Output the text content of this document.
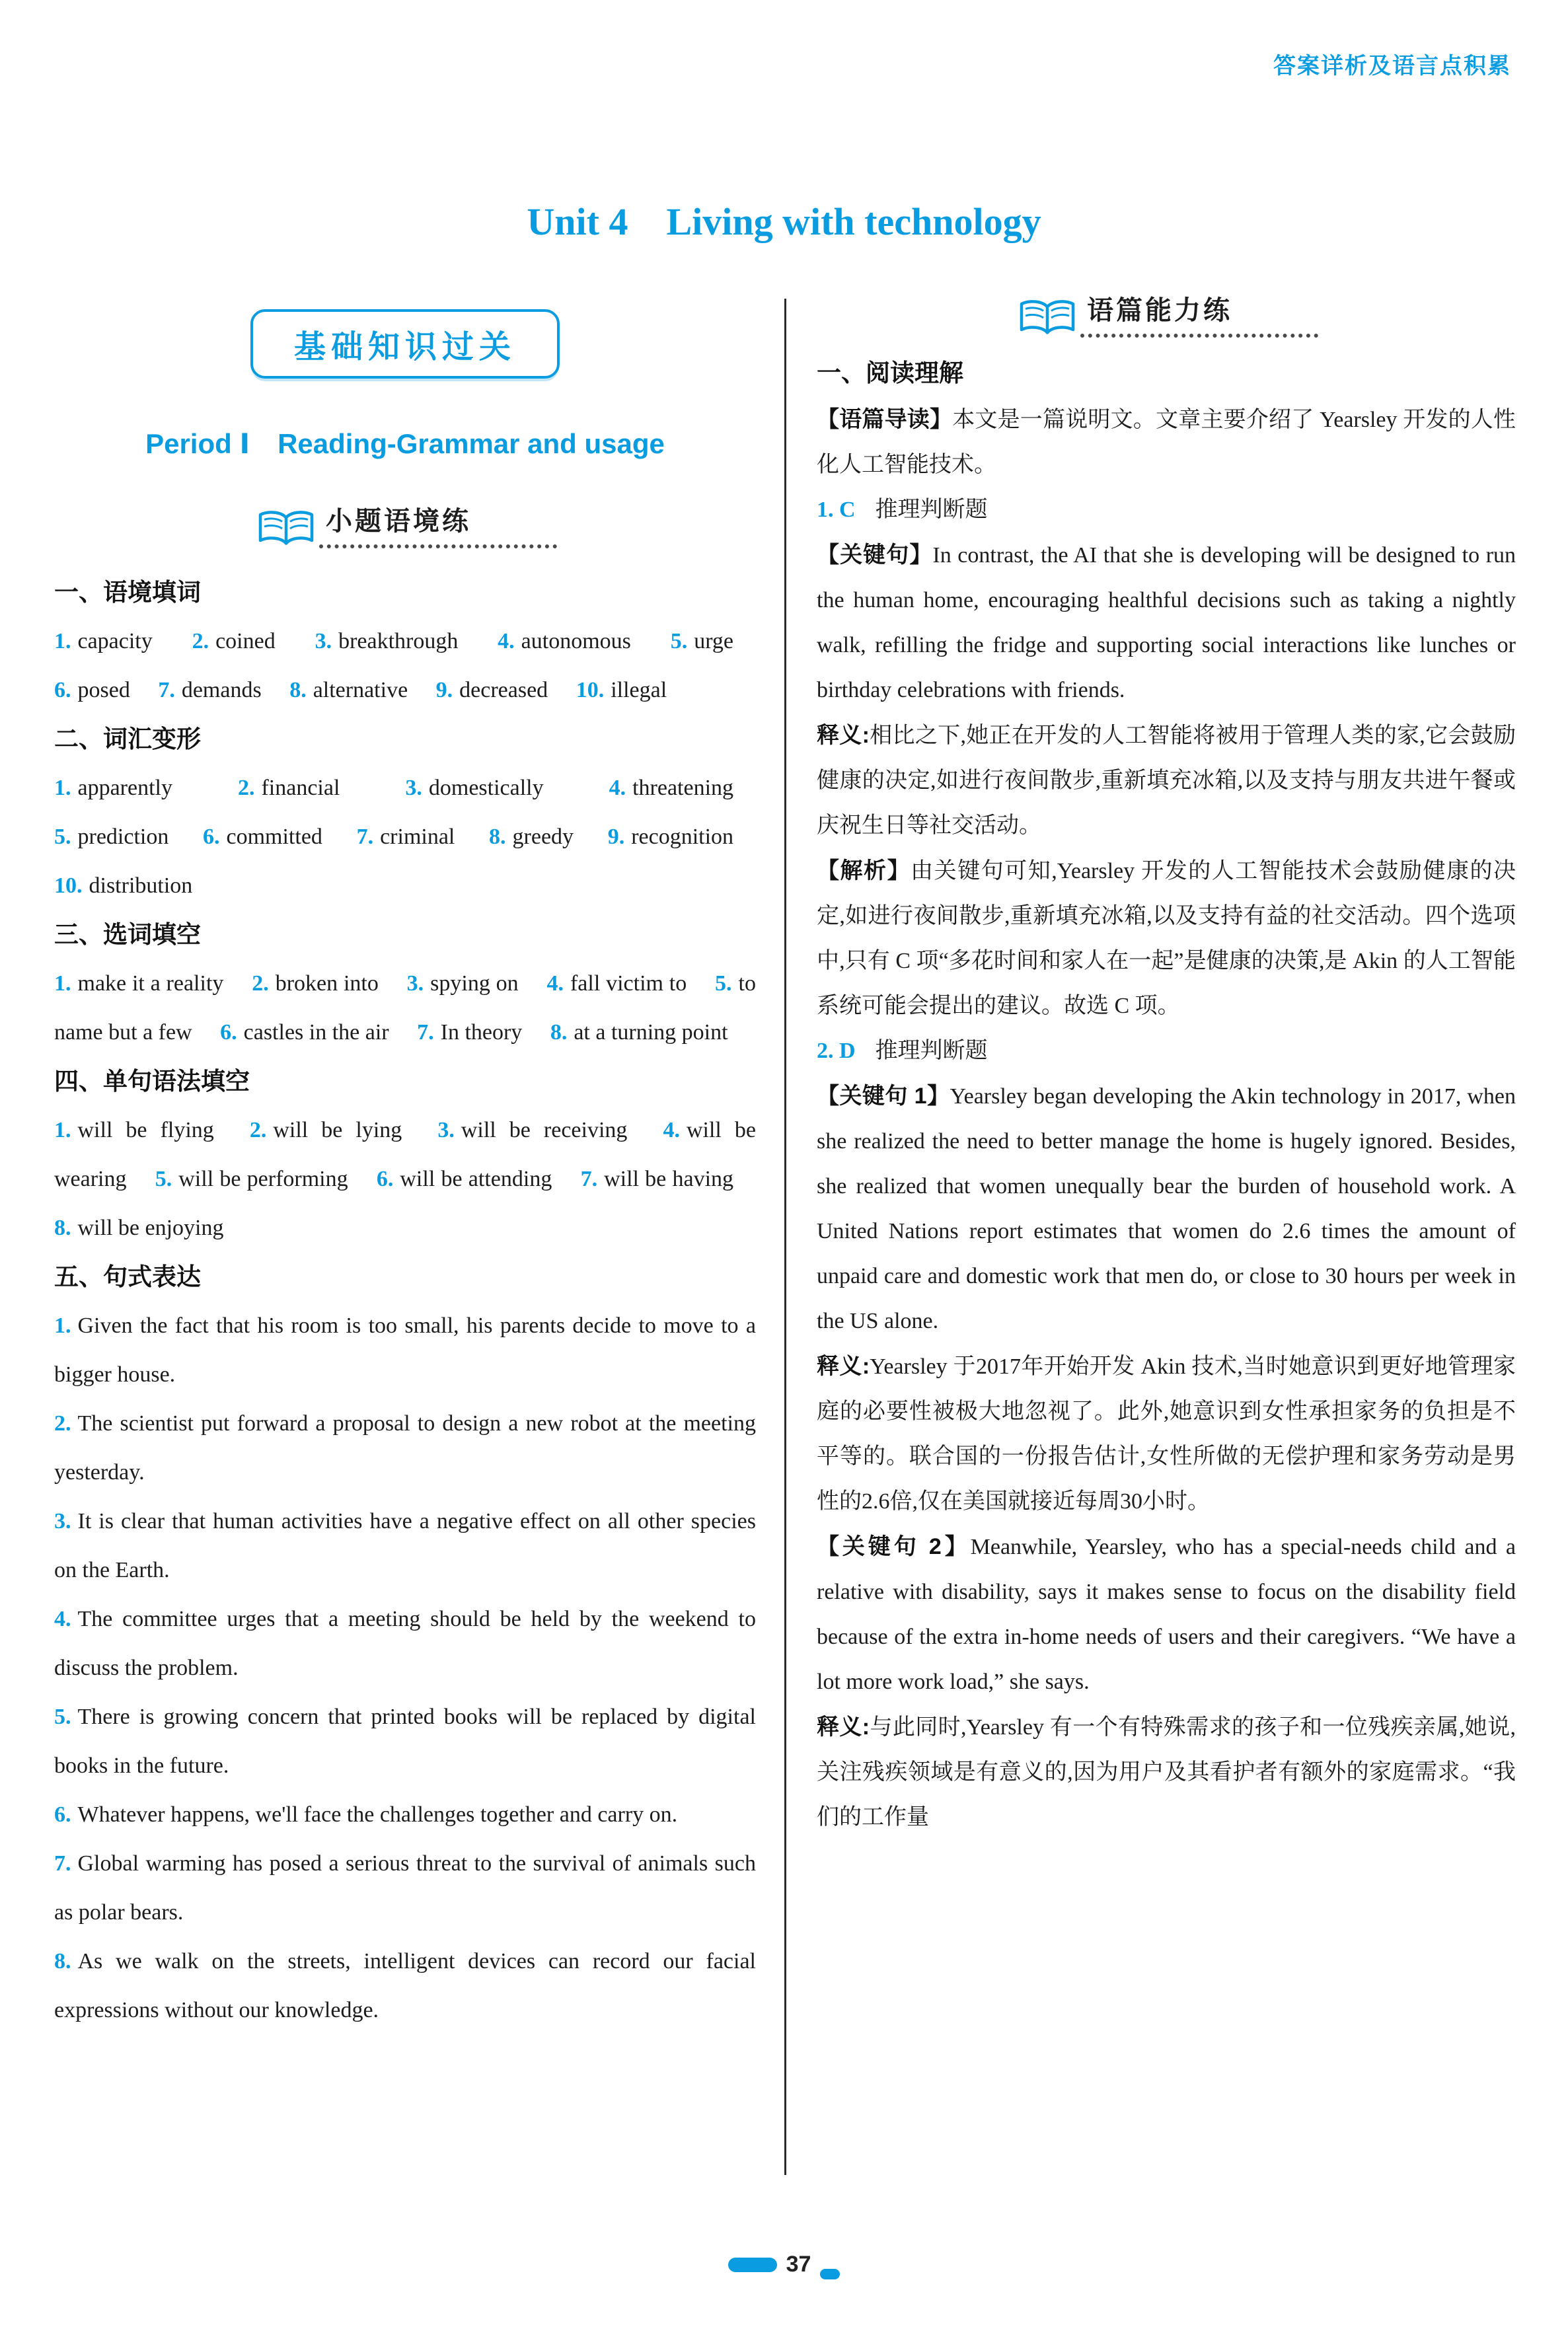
答案详析及语言点积累
Unit 4　Living with technology
基础知识过关
Period Ⅰ　Reading-Grammar and usage
小题语境练
一、语境填词
1. capacity 2. coined 3. breakthrough 4. autonomous 5. urge 6. posed 7. demands 8. alternative 9. decreased 10. illegal
二、词汇变形
1. apparently	2. financial	3. domestically	4. threatening 5. prediction 6. committed 7. criminal 8. greedy 9. recognition 10. distribution
三、选词填空
1. make it a reality 2. broken into 3. spying on 4. fall victim to 5. to name but a few 6. castles in the air 7. In theory 8. at a turning point
四、单句语法填空
1. will be flying 2. will be lying 3. will be receiving 4. will be wearing 5. will be performing 6. will be attending 7. will be having 8. will be enjoying
五、句式表达

1. Given the fact that his room is too small, his parents decide to move to a bigger house.

2. The scientist put forward a proposal to design a new robot at the meeting yesterday.

3. It is clear that human activities have a negative effect on all other species on the Earth.

4. The committee urges that a meeting should be held by the weekend to discuss the problem.

5. There is growing concern that printed books will be replaced by digital books in the future.

6. Whatever happens, we'll face the challenges together and carry on.

7. Global warming has posed a serious threat to the survival of animals such as polar bears.

8. As we walk on the streets, intelligent devices can record our facial expressions without our knowledge.

语篇能力练
一、阅读理解

【语篇导读】本文是一篇说明文。文章主要介绍了 Yearsley 开发的人性化人工智能技术。

1. C 推理判断题

【关键句】In contrast, the AI that she is developing will be designed to run the human home, encouraging healthful decisions such as taking a nightly walk, refilling the fridge and supporting social interactions like lunches or birthday celebrations with friends.

释义:相比之下,她正在开发的人工智能将被用于管理人类的家,它会鼓励健康的决定,如进行夜间散步,重新填充冰箱,以及支持与朋友共进午餐或庆祝生日等社交活动。

【解析】由关键句可知,Yearsley 开发的人工智能技术会鼓励健康的决定,如进行夜间散步,重新填充冰箱,以及支持有益的社交活动。四个选项中,只有 C 项“多花时间和家人在一起”是健康的决策,是 Akin 的人工智能系统可能会提出的建议。故选 C 项。

2. D 推理判断题

【关键句 1】Yearsley began developing the Akin technology in 2017, when she realized the need to better manage the home is hugely ignored. Besides, she realized that women unequally bear the burden of household work. A United Nations report estimates that women do 2.6 times the amount of unpaid care and domestic work that men do, or close to 30 hours per week in the US alone.

释义:Yearsley 于2017年开始开发 Akin 技术,当时她意识到更好地管理家庭的必要性被极大地忽视了。此外,她意识到女性承担家务的负担是不平等的。联合国的一份报告估计,女性所做的无偿护理和家务劳动是男性的2.6倍,仅在美国就接近每周30小时。

【关键句 2】Meanwhile, Yearsley, who has a special-needs child and a relative with disability, says it makes sense to focus on the disability field because of the extra in-home needs of users and their caregivers. “We have a lot more work load,” she says.

释义:与此同时,Yearsley 有一个有特殊需求的孩子和一位残疾亲属,她说,关注残疾领域是有意义的,因为用户及其看护者有额外的家庭需求。“我们的工作量

37
